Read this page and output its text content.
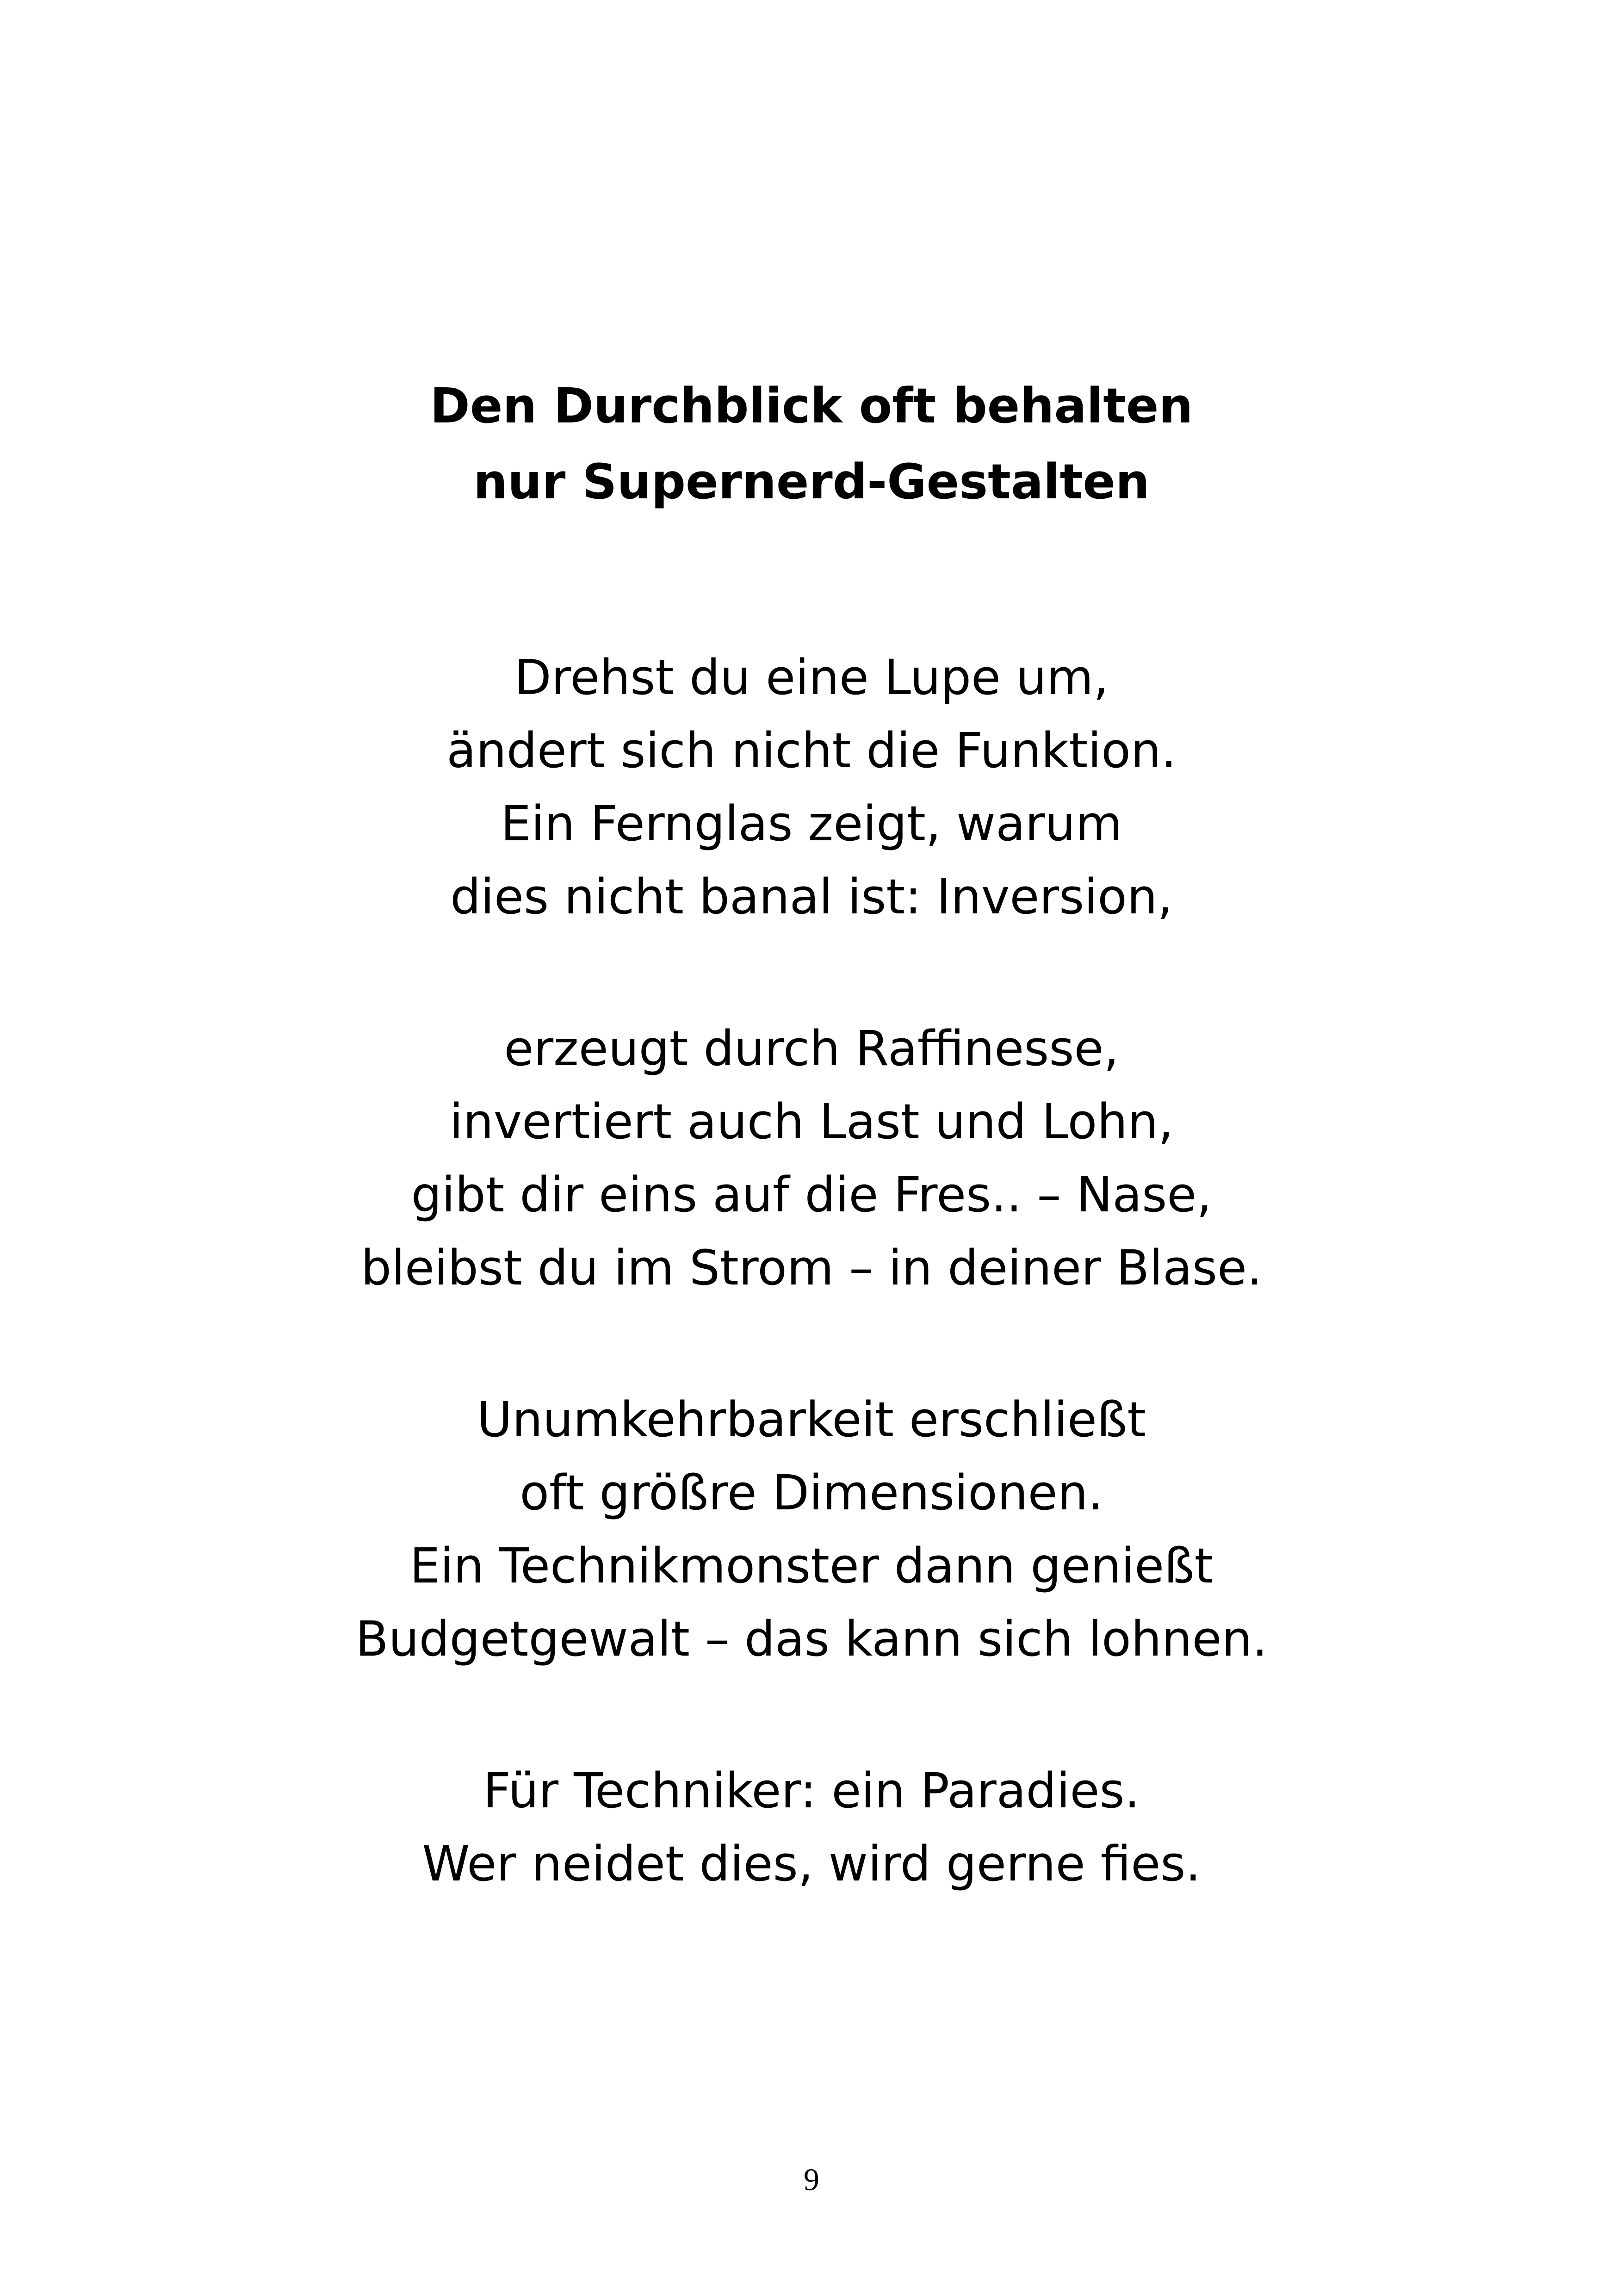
Den Durchblick oft behalten

nur Supernerd-Gestalten

Drehst du eine Lupe um,

ändert sich nicht die Funktion.

Ein Fernglas zeigt, warum

dies nicht banal ist: Inversion,

erzeugt durch Raffinesse,

invertiert auch Last und Lohn,

gibt dir eins auf die Fres.. – Nase,

bleibst du im Strom – in deiner Blase.

Unumkehrbarkeit erschließt

oft größre Dimensionen.

Ein Technikmonster dann genießt

Budgetgewalt – das kann sich lohnen.

Für Techniker: ein Paradies.

Wer neidet dies, wird gerne fies.

9
